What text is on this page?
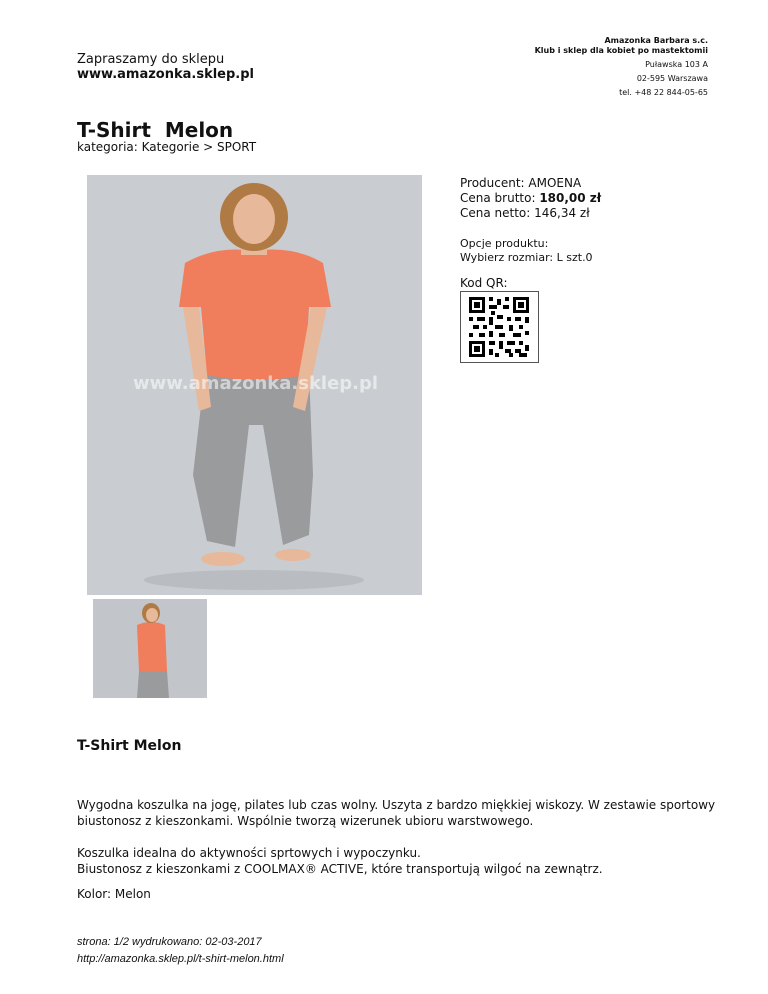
Zapraszamy do sklepu
www.amazonka.sklep.pl
Amazonka Barbara s.c.
Klub i sklep dla kobiet po mastektomii
Puławska 103 A
02-595 Warszawa
tel. +48 22 844-05-65
T-Shirt  Melon
kategoria: Kategorie > SPORT
www.amazonka.sklep.pl
Producent: AMOENA
Cena brutto: 180,00 zł
Cena netto: 146,34 zł
Opcje produktu:
Wybierz rozmiar: L szt.0
Kod QR:
T-Shirt Melon
Wygodna koszulka na jogę, pilates lub czas wolny. Uszyta z bardzo miękkiej wiskozy. W zestawie sportowy biustonosz z kieszonkami. Wspólnie tworzą wizerunek ubioru warstwowego.
Koszulka idealna do aktywności sprtowych i wypoczynku.
Biustonosz z kieszonkami z COOLMAX® ACTIVE, które transportują wilgoć na zewnątrz.
Kolor: Melon
strona: 1/2 wydrukowano: 02-03-2017
http://amazonka.sklep.pl/t-shirt-melon.html
